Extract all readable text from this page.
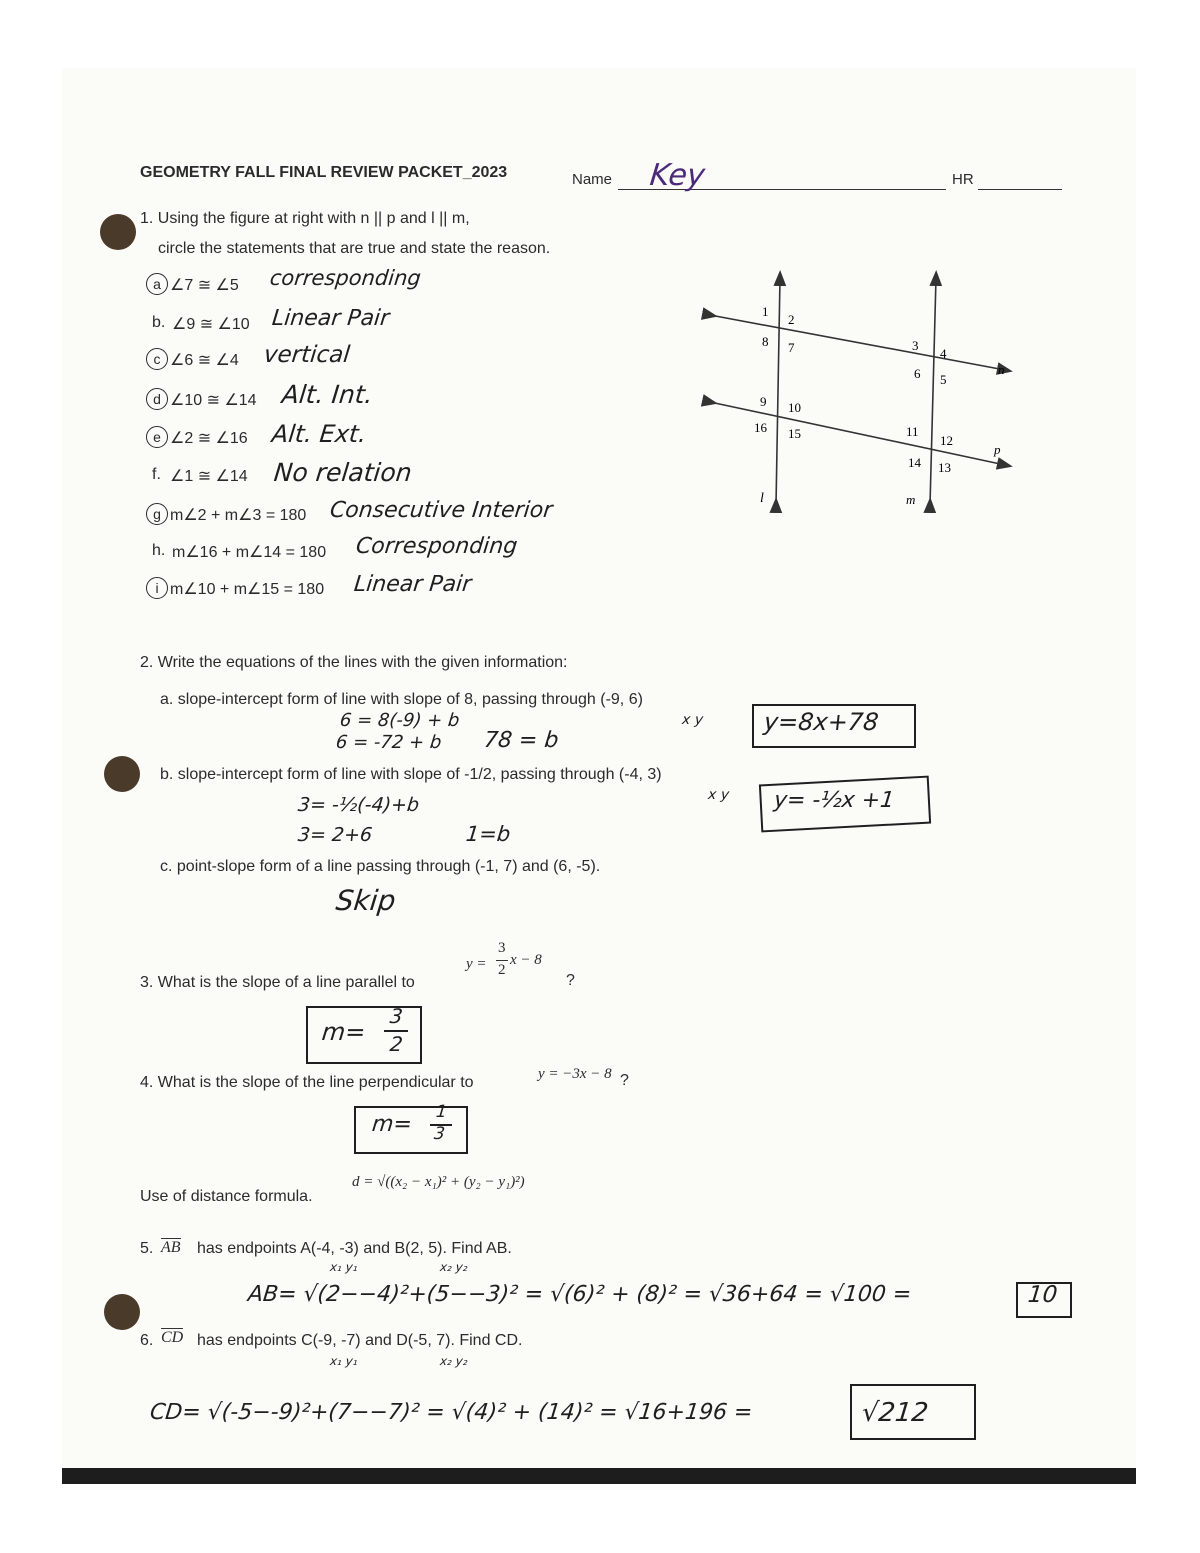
GEOMETRY FALL FINAL REVIEW PACKET_2023	Name Key	HR
1. Using the figure at right with n || p and l || m,
circle the statements that are true and state the reason.
a ∠7 ≅ ∠5 corresponding
b. ∠9 ≅ ∠10 Linear Pair
c ∠6 ≅ ∠4 vertical
d ∠10 ≅ ∠14 Alt. Int.
e ∠2 ≅ ∠16 Alt. Ext.
f. ∠1 ≅ ∠14 No relation
g m∠2 + m∠3 = 180 Consecutive Interior
h. m∠16 + m∠14 = 180 Corresponding
i m∠10 + m∠15 = 180 Linear Pair
1
2
8 7	3
4
6 5
9 10
16 15	11
12
14 13
n
p
l	m
2. Write the equations of the lines with the given information:
a. slope-intercept form of line with slope of 8, passing through (-9, 6)
x y
6 = 8(-9) + b
6 = -72 + b 78 = b
y=8x+78
b. slope-intercept form of line with slope of -1/2, passing through (-4, 3)
x y
3= -½(-4)+b
3= 2+6	1=b
y= -½x +1
c. point-slope form of a line passing through (-1, 7) and (6, -5).
Skip
3. What is the slope of a line parallel to
y =
3
2
x − 8
?
m=
3
2
4. What is the slope of the line perpendicular to	y = −3x − 8 ?
m= 1
3
Use of distance formula.
d = √((x₂ − x₁)² + (y₂ − y₁)²)
5. AB has endpoints A(-4, -3) and B(2, 5). Find AB.
x₁ y₁	x₂ y₂
AB= √(2−−4)²+(5−−3)² = √(6)² + (8)² = √36+64 = √100 =	10
6. CD has endpoints C(-9, -7) and D(-5, 7). Find CD.
x₁ y₁	x₂ y₂
CD= √(-5−-9)²+(7−−7)² = √(4)² + (14)² = √16+196 =	√212
